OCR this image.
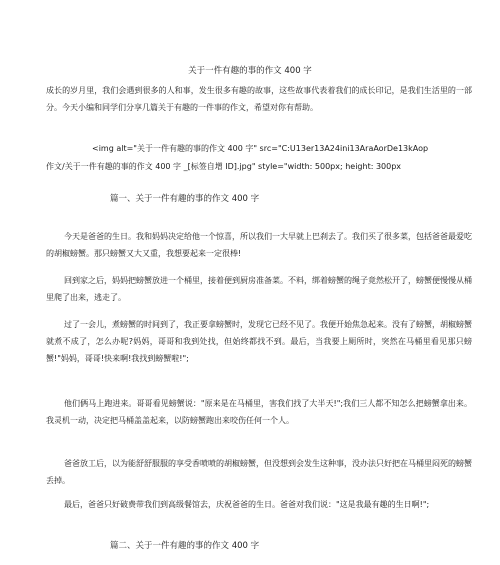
关于一件有趣的事的作文 400 字

成长的岁月里，我们会遇到很多的人和事，发生很多有趣的故事，这些故事代表着我们的成长印记，是我们生活里的一部分。今天小编和同学们分享几篇关于有趣的一件事的作文，希望对你有帮助。

<img alt="关于一件有趣的事的作文 400 字" src="C:U13er13A24ini13AraAorDe13kAop
作文/关于一件有趣的事的作文 400 字 _[标签自增 ID].jpg" style="width: 500px; height: 300px
篇一、关于一件有趣的事的作文 400 字

今天是爸爸的生日。我和妈妈决定给他一个惊喜，所以我们一大早就上巴刹去了。我们买了很多菜，包括爸爸最爱吃的胡椒螃蟹。那只螃蟹又大又重，我想要起来一定很棒!

回到家之后，妈妈把螃蟹放进一个桶里，接着便到厨房准备菜。不料，绑着螃蟹的绳子竟然松开了，螃蟹便慢慢从桶里爬了出来，逃走了。

过了一会儿，煮螃蟹的时间到了，我正要拿螃蟹时，发现它已经不见了。我便开始焦急起来。没有了螃蟹，胡椒螃蟹就煮不成了，怎么办呢?妈妈，哥哥和我到处找，但始终都找不到。最后，当我要上厕所时，突然在马桶里看见那只螃蟹!"妈妈，哥哥!快来啊!我找到螃蟹啦!";

他们俩马上跑进来。哥哥看见螃蟹说："原来是在马桶里，害我们找了大半天!";我们三人都不知怎么把螃蟹拿出来。我灵机一动，决定把马桶盖盖起来，以防螃蟹跑出来咬伤任何一个人。

爸爸放工后，以为能舒舒服服的享受香喷喷的胡椒螃蟹，但没想到会发生这种事，没办法只好把在马桶里闷死的螃蟹丢掉。

最后，爸爸只好破费带我们到高级餐馆去，庆祝爸爸的生日。爸爸对我们说："这是我最有趣的生日啊!";

篇二、关于一件有趣的事的作文 400 字
